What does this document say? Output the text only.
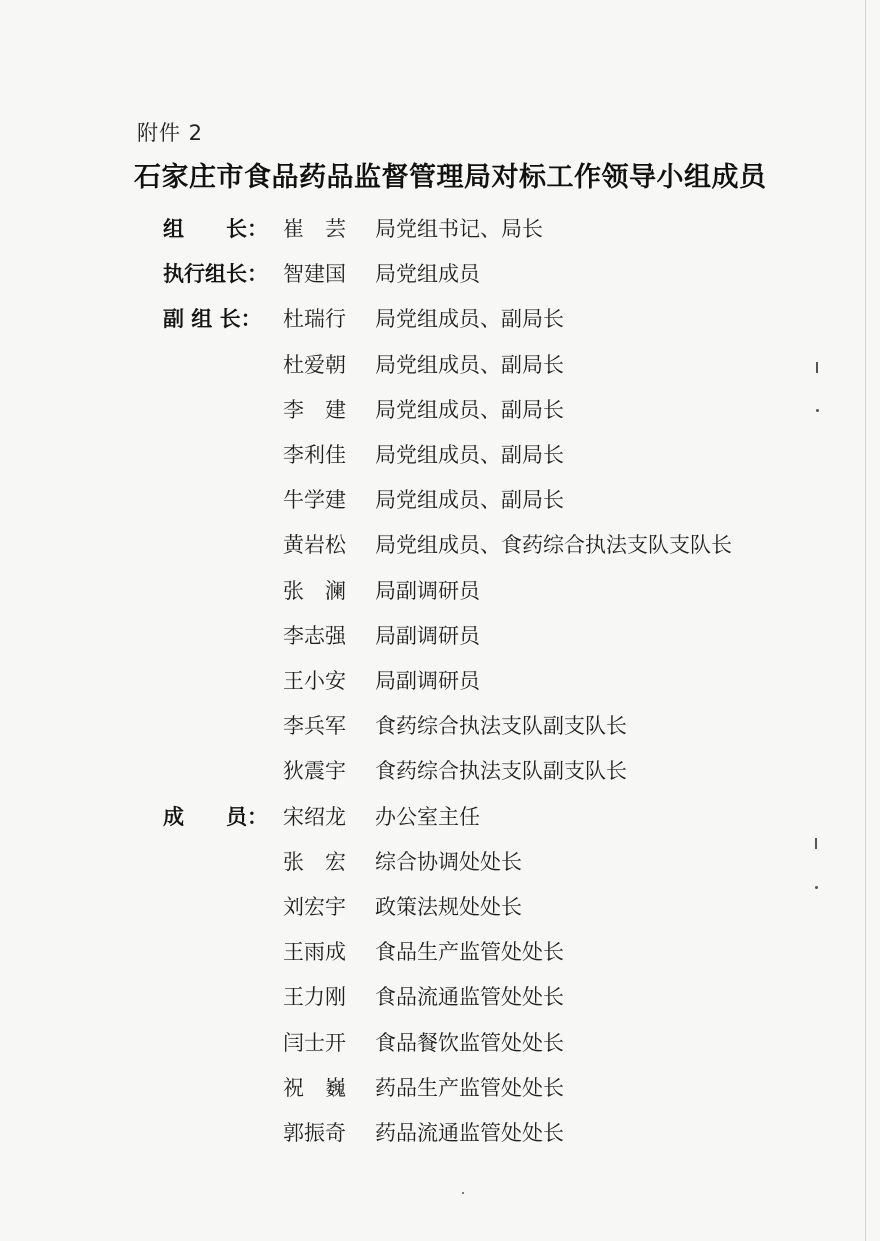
附件 2
石家庄市食品药品监督管理局对标工作领导小组成员
组　　长： 崔　芸	局党组书记、局长
执行组长： 智建国	局党组成员
副 组 长：	杜瑞行	局党组成员、副局长
杜爱朝	局党组成员、副局长
李　建	局党组成员、副局长
李利佳	局党组成员、副局长
牛学建	局党组成员、副局长
黄岩松	局党组成员、食药综合执法支队支队长
张　澜	局副调研员
李志强	局副调研员
王小安	局副调研员
李兵军	食药综合执法支队副支队长
狄震宇	食药综合执法支队副支队长
成　　员： 宋绍龙	办公室主任
张　宏	综合协调处处长
刘宏宇	政策法规处处长
王雨成	食品生产监管处处长
王力刚	食品流通监管处处长
闫士开	食品餐饮监管处处长
祝　巍	药品生产监管处处长
郭振奇	药品流通监管处处长
